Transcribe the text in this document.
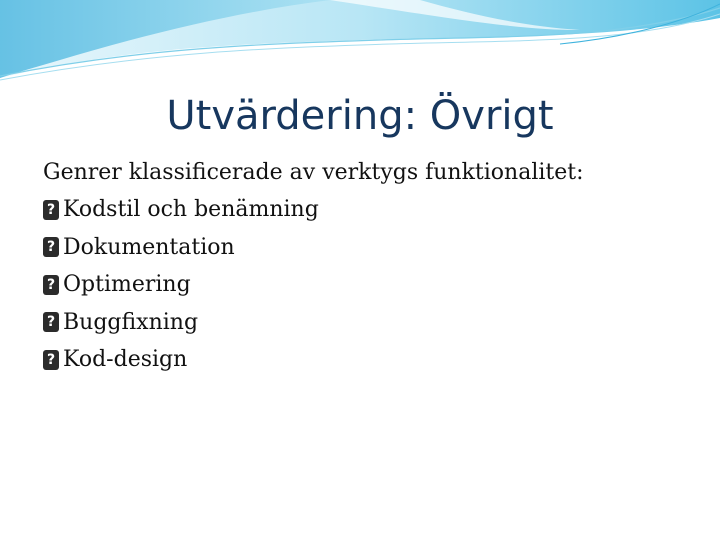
Utvärdering: Övrigt

Genrer klassificerade av verktygs funktionalitet:

?
Kodstil och benämning
?
Dokumentation
?
Optimering
?
Buggfixning
?
Kod-design
